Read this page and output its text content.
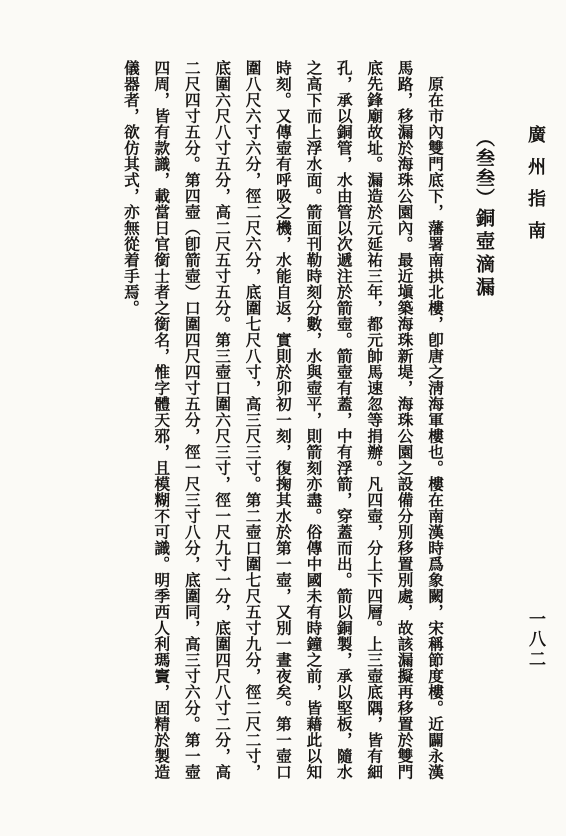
廣州指南
一八二
（叁叁）銅壺滴漏

原在市內雙門底下，藩署南拱北樓，卽唐之淸海軍樓也。樓在南漢時爲象闕，宋稱節度樓。近闢永漢馬路，移漏於海珠公園內。最近塡築海珠新堤，海珠公園之設備分別移置別處，故該漏擬再移置於雙門底先鋒廟故址。漏造於元延祐三年，都元帥馬速忽等捐辦。凡四壺，分上下四層。上三壺底隅，皆有細孔，承以銅管，水由管以次遞注於箭壺。箭壺有蓋，中有浮箭，穿蓋而出。箭以銅製，承以堅板，隨水之高下而上浮水面。箭面刊勒時刻分數，水與壺平，則箭刻亦盡。俗傳中國未有時鐘之前，皆藉此以知時刻。又傳壺有呼吸之機，水能自返，實則於卯初一刻，復掬其水於第一壺，又別一晝夜矣。第一壺口圍八尺六寸六分，徑二尺六分，底圍七尺八寸，高三尺三寸。第二壺口圍七尺五寸九分，徑二尺二寸，底圍六尺八寸五分，高二尺五寸五分。第三壺口圍六尺三寸，徑一尺九寸一分，底圍四尺八寸二分，高二尺四寸五分。第四壺（卽箭壺）口圍四尺四寸五分，徑一尺三寸八分，底圍同，高三寸六分。第一壺四周，皆有款識，載當日官銜士者之銜名，惟字體天邪，且模糊不可識。明季西人利瑪竇，固精於製造儀器者，欲仿其式，亦無從着手焉。
